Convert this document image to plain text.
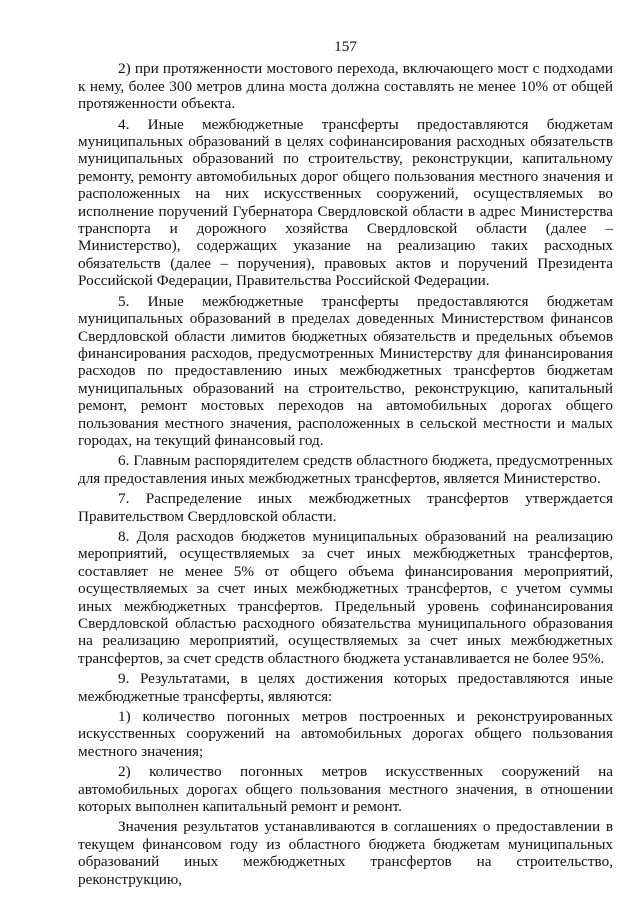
157

2) при протяженности мостового перехода, включающего мост с подходами к нему, более 300 метров длина моста должна составлять не менее 10% от общей протяженности объекта.

4. Иные межбюджетные трансферты предоставляются бюджетам муниципальных образований в целях софинансирования расходных обязательств муниципальных образований по строительству, реконструкции, капитальному ремонту, ремонту автомобильных дорог общего пользования местного значения и расположенных на них искусственных сооружений, осуществляемых во исполнение поручений Губернатора Свердловской области в адрес Министерства транспорта и дорожного хозяйства Свердловской области (далее – Министерство), содержащих указание на реализацию таких расходных обязательств (далее – поручения), правовых актов и поручений Президента Российской Федерации, Правительства Российской Федерации.

5. Иные межбюджетные трансферты предоставляются бюджетам муниципальных образований в пределах доведенных Министерством финансов Свердловской области лимитов бюджетных обязательств и предельных объемов финансирования расходов, предусмотренных Министерству для финансирования расходов по предоставлению иных межбюджетных трансфертов бюджетам муниципальных образований на строительство, реконструкцию, капитальный ремонт, ремонт мостовых переходов на автомобильных дорогах общего пользования местного значения, расположенных в сельской местности и малых городах, на текущий финансовый год.

6. Главным распорядителем средств областного бюджета, предусмотренных для предоставления иных межбюджетных трансфертов, является Министерство.

7. Распределение иных межбюджетных трансфертов утверждается Правительством Свердловской области.

8. Доля расходов бюджетов муниципальных образований на реализацию мероприятий, осуществляемых за счет иных межбюджетных трансфертов, составляет не менее 5% от общего объема финансирования мероприятий, осуществляемых за счет иных межбюджетных трансфертов, с учетом суммы иных межбюджетных трансфертов. Предельный уровень софинансирования Свердловской областью расходного обязательства муниципального образования на реализацию мероприятий, осуществляемых за счет иных межбюджетных трансфертов, за счет средств областного бюджета устанавливается не более 95%.

9. Результатами, в целях достижения которых предоставляются иные межбюджетные трансферты, являются:

1) количество погонных метров построенных и реконструированных искусственных сооружений на автомобильных дорогах общего пользования местного значения;

2) количество погонных метров искусственных сооружений на автомобильных дорогах общего пользования местного значения, в отношении которых выполнен капитальный ремонт и ремонт.

Значения результатов устанавливаются в соглашениях о предоставлении в текущем финансовом году из областного бюджета бюджетам муниципальных образований иных межбюджетных трансфертов на строительство, реконструкцию,
